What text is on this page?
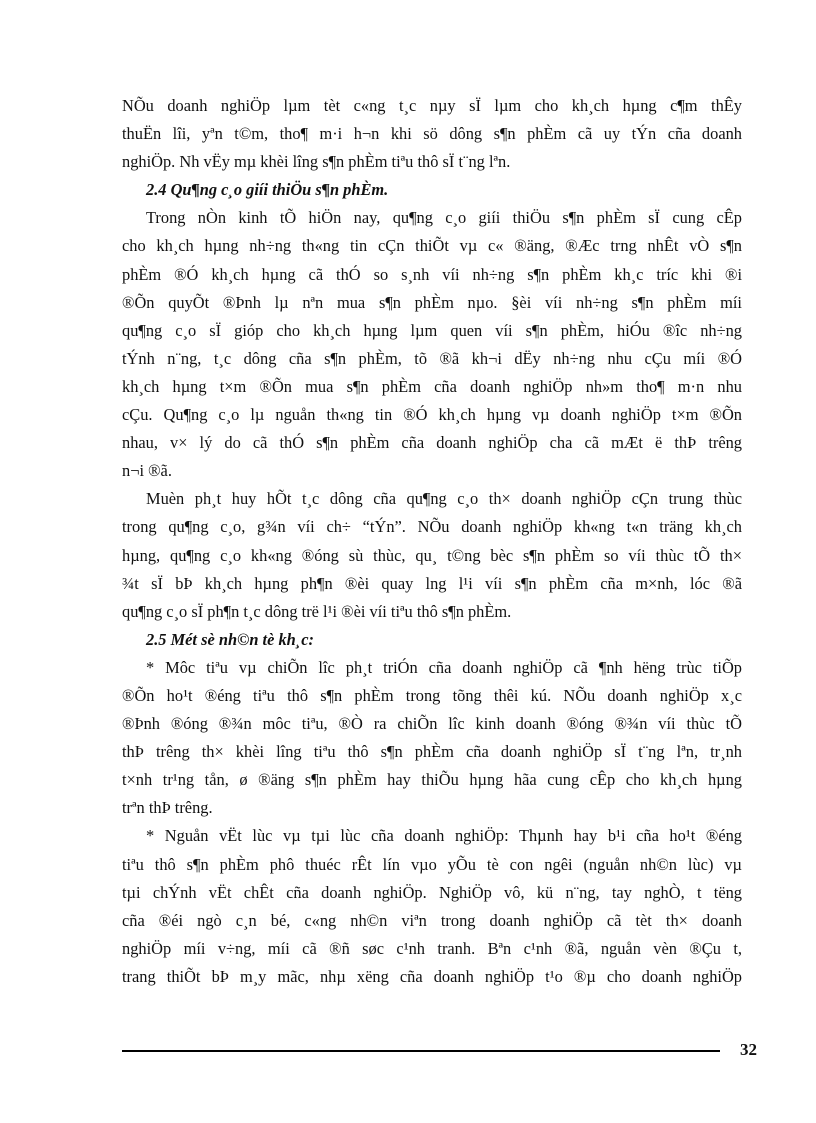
NÕu doanh nghiÖp lµm tèt c«ng t¸c nµy sÏ lµm cho kh¸ch hµng c¶m thÊy
thuËn lîi, yªn t©m, tho¶ m·i h¬n khi sö dông s¶n phÈm cã uy tÝn cña doanh
nghiÖp. Nh vËy mµ khèi lîng s¶n phÈm tiªu thô sÏ t¨ng lªn.
2.4 Qu¶ng c¸o giíi thiÖu s¶n phÈm.
Trong nÒn kinh tÕ hiÖn nay, qu¶ng c¸o giíi thiÖu s¶n phÈm sÏ cung cÊp
cho kh¸ch hµng nh÷ng th«ng tin cÇn thiÕt vµ c« ®äng, ®Æc trng nhÊt vÒ s¶n
phÈm ®Ó kh¸ch hµng cã thÓ so s¸nh víi nh÷ng s¶n phÈm kh¸c tríc khi ®i
®Õn quyÕt ®Þnh lµ nªn mua s¶n phÈm nµo. §èi víi nh÷ng s¶n phÈm míi
qu¶ng c¸o sÏ gióp cho kh¸ch hµng lµm quen víi s¶n phÈm, hiÓu ®îc nh÷ng
tÝnh n¨ng, t¸c dông cña s¶n phÈm, tõ ®ã kh¬i dËy nh÷ng nhu cÇu míi ®Ó
kh¸ch hµng t×m ®Õn mua s¶n phÈm cña doanh nghiÖp nh»m tho¶ m·n nhu
cÇu. Qu¶ng c¸o lµ nguån th«ng tin ®Ó kh¸ch hµng vµ doanh nghiÖp t×m ®Õn
nhau, v× lý do cã thÓ s¶n phÈm cña doanh nghiÖp cha cã mÆt ë thÞ trêng
n¬i ®ã.
Muèn ph¸t huy hÕt t¸c dông cña qu¶ng c¸o th× doanh nghiÖp cÇn trung thùc
trong qu¶ng c¸o, g¾n víi ch÷ “tÝn”. NÕu doanh nghiÖp kh«ng t«n träng kh¸ch
hµng, qu¶ng c¸o kh«ng ®óng sù thùc, qu¸ t©ng bèc s¶n phÈm so víi thùc tÕ th×
¾t sÏ bÞ kh¸ch hµng ph¶n ®èi quay lng l¹i víi s¶n phÈm cña m×nh, lóc ®ã
qu¶ng c¸o sÏ ph¶n t¸c dông trë l¹i ®èi víi tiªu thô s¶n phÈm.
2.5 Mét sè nh©n tè kh¸c:
* Môc tiªu vµ chiÕn lîc ph¸t triÓn cña doanh nghiÖp cã ¶nh hëng trùc tiÕp
®Õn ho¹t ®éng tiªu thô s¶n phÈm trong tõng thêi kú. NÕu doanh nghiÖp x¸c
®Þnh ®óng ®¾n môc tiªu, ®Ò ra chiÕn lîc kinh doanh ®óng ®¾n víi thùc tÕ
thÞ trêng th× khèi lîng tiªu thô s¶n phÈm cña doanh nghiÖp sÏ t¨ng lªn, tr¸nh
t×nh tr¹ng tån, ø ®äng s¶n phÈm hay thiÕu hµng hãa cung cÊp cho kh¸ch hµng
trªn thÞ trêng.
* Nguån vËt lùc vµ tµi lùc cña doanh nghiÖp: Thµnh hay b¹i cña ho¹t ®éng
tiªu thô s¶n phÈm phô thuéc rÊt lín vµo yÕu tè con ngêi (nguån nh©n lùc) vµ
tµi chÝnh vËt chÊt cña doanh nghiÖp. NghiÖp vô, kü n¨ng, tay nghÒ, t tëng
cña ®éi ngò c¸n bé, c«ng nh©n viªn trong doanh nghiÖp cã tèt th× doanh
nghiÖp míi v÷ng, míi cã ®ñ søc c¹nh tranh. Bªn c¹nh ®ã, nguån vèn ®Çu t,
trang thiÕt bÞ m¸y mãc, nhµ xëng cña doanh nghiÖp t¹o ®µ cho doanh nghiÖp
32
